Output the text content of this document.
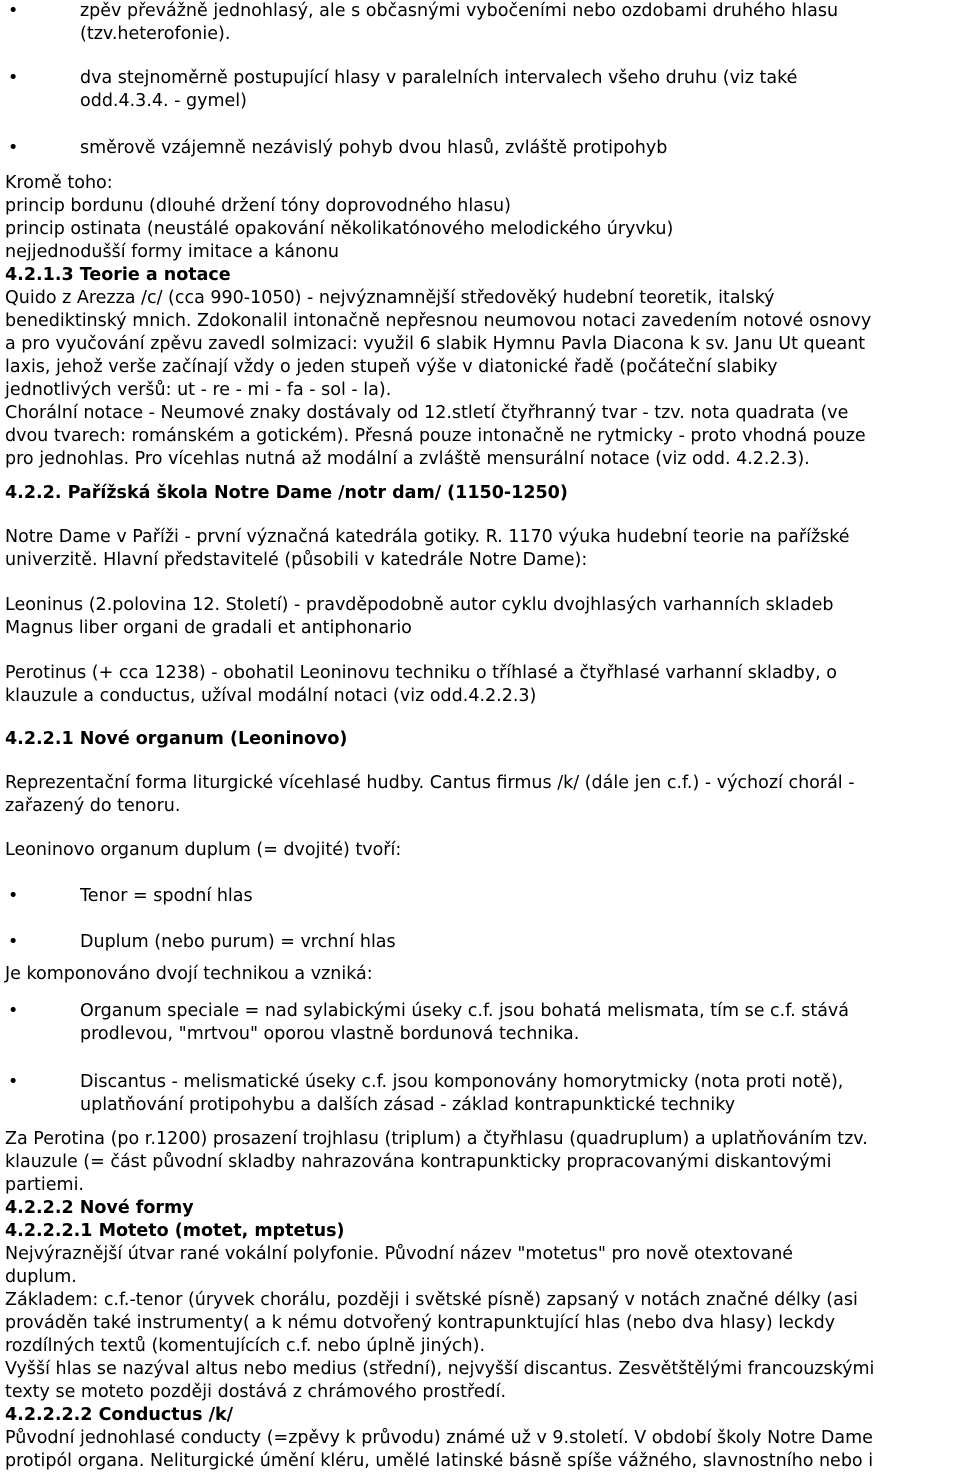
• zpěv převážně jednohlasý, ale s občasnými vybočeními nebo ozdobami druhého hlasu
(tzv.heterofonie).
• dva stejnoměrně postupující hlasy v paralelních intervalech všeho druhu (viz také
odd.4.3.4. - gymel)
• směrově vzájemně nezávislý pohyb dvou hlasů, zvláště protipohyb
Kromě toho:
princip bordunu (dlouhé držení tóny doprovodného hlasu)
princip ostinata (neustálé opakování několikatónového melodického úryvku)
nejjednodušší formy imitace a kánonu
4.2.1.3 Teorie a notace
Quido z Arezza /c/ (cca 990-1050) - nejvýznamnější středověký hudební teoretik, italský
benediktinský mnich. Zdokonalil intonačně nepřesnou neumovou notaci zavedením notové osnovy
a pro vyučování zpěvu zavedl solmizaci: využil 6 slabik Hymnu Pavla Diacona k sv. Janu Ut queant
laxis, jehož verše začínají vždy o jeden stupeň výše v diatonické řadě (počáteční slabiky
jednotlivých veršů: ut - re - mi - fa - sol - la).
Chorální notace - Neumové znaky dostávaly od 12.stletí čtyřhranný tvar - tzv. nota quadrata (ve
dvou tvarech: románském a gotickém). Přesná pouze intonačně ne rytmicky - proto vhodná pouze
pro jednohlas. Pro vícehlas nutná až modální a zvláště mensurální notace (viz odd. 4.2.2.3).
4.2.2. Pařížská škola Notre Dame /notr dam/ (1150-1250)
Notre Dame v Paříži - první význačná katedrála gotiky. R. 1170 výuka hudební teorie na pařížské
univerzitě. Hlavní představitelé (působili v katedrále Notre Dame):
Leoninus (2.polovina 12. Století) - pravděpodobně autor cyklu dvojhlasých varhanních skladeb
Magnus liber organi de gradali et antiphonario
Perotinus (+ cca 1238) - obohatil Leoninovu techniku o tříhlasé a čtyřhlasé varhanní skladby, o
klauzule a conductus, užíval modální notaci (viz odd.4.2.2.3)
4.2.2.1 Nové organum (Leoninovo)
Reprezentační forma liturgické vícehlasé hudby. Cantus firmus /k/ (dále jen c.f.) - výchozí chorál -
zařazený do tenoru.
Leoninovo organum duplum (= dvojité) tvoří:
• Tenor = spodní hlas
• Duplum (nebo purum) = vrchní hlas
Je komponováno dvojí technikou a vzniká:
• Organum speciale = nad sylabickými úseky c.f. jsou bohatá melismata, tím se c.f. stává
prodlevou, "mrtvou" oporou vlastně bordunová technika.
• Discantus - melismatické úseky c.f. jsou komponovány homorytmicky (nota proti notě),
uplatňování protipohybu a dalších zásad - základ kontrapunktické techniky
Za Perotina (po r.1200) prosazení trojhlasu (triplum) a čtyřhlasu (quadruplum) a uplatňováním tzv.
klauzule (= část původní skladby nahrazována kontrapunkticky propracovanými diskantovými
partiemi.
4.2.2.2 Nové formy
4.2.2.2.1 Moteto (motet, mptetus)
Nejvýraznější útvar rané vokální polyfonie. Původní název "motetus" pro nově otextované
duplum.
Základem: c.f.-tenor (úryvek chorálu, později i světské písně) zapsaný v notách značné délky (asi
prováděn také instrumenty( a k nému dotvořený kontrapunktující hlas (nebo dva hlasy) leckdy
rozdílných textů (komentujících c.f. nebo úplně jiných).
Vyšší hlas se nazýval altus nebo medius (střední), nejvyšší discantus. Zesvětštělými francouzskými
texty se moteto později dostává z chrámového prostředí.
4.2.2.2.2 Conductus /k/
Původní jednohlasé conducty (=zpěvy k průvodu) známé už v 9.století. V období školy Notre Dame
protipól organa. Neliturgické úmění kléru, umělé latinské básně spíše vážného, slavnostního nebo i
